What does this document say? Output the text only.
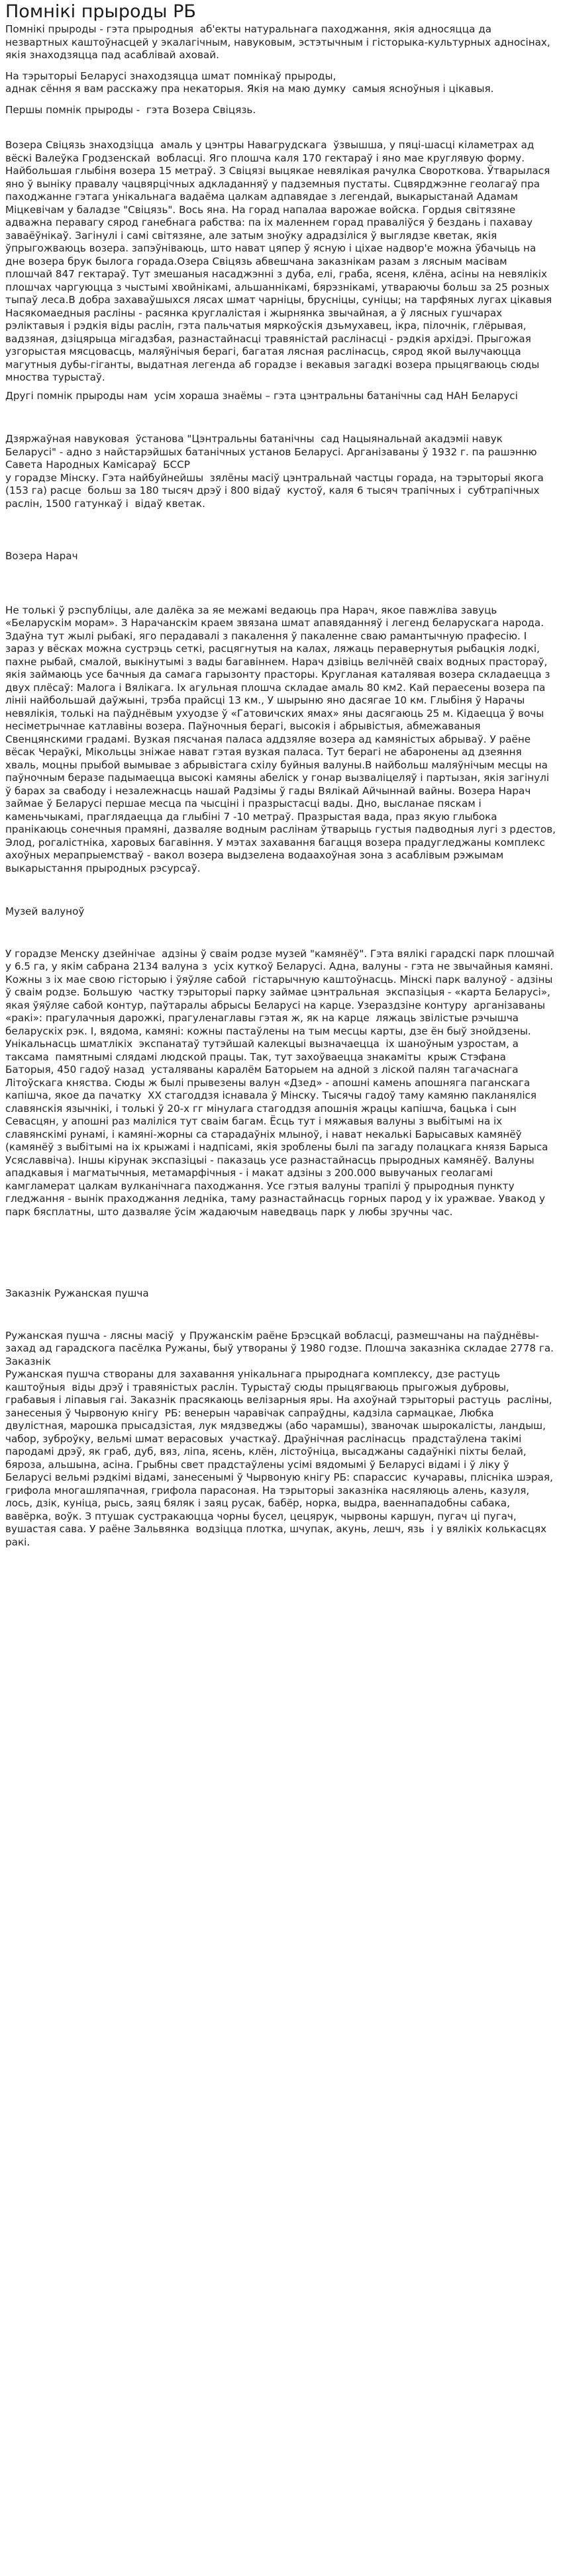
Помнікі прыроды РБ

Помнікі прыроды - гэта прыродныя  аб'екты натуральнага паходжання, якія адносяцца да незвартных каштоўнасцей у экалагічным, навуковым, эстэтычным і гісторыка-культурных адносінах, якія знаходзяцца пад асаблівай аховай.

На тэрыторыі Беларусі знаходзяцца шмат помнікаў прыроды,
аднак сёння я вам расскажу пра некаторыя. Якія на маю думку  самыя ясноўныя і цікавыя.

Першы помнік прыроды -  гэта Возера Свіцязь.

Возера Свіцязь знаходзіцца  амаль у цэнтры Навагрудскага  ўзвышша, у пяці-шасці кіламетрах ад вёскі Валеўка Гродзенскай  вобласці. Яго плошча каля 170 гектараў і яно мае круглявую форму. Найбольшая глыбіня возера 15 метраў. З Свіцязі выцякае невялікая рачулка Свороткова. Ўтварылася яно ў выніку правалу чацвярцічных адкладанняў у падземныя пустаты. Сцвярджэнне геолагаў пра паходжанне гэтага унікальнага вадаёма цалкам адпавядае з легендай, выкарыстанай Адамам Міцкевічам у баладзе "Свіцязь". Вось яна. На горад напалаа варожае войска. Гордыя свiтязяне адважна перавагу сярод ганебнага рабства: па іх маленнем горад правалiўся ў бездань і пахавау заваёўнікаў. Загінулі i самi свiтязяне, але затым зноўку адрадзілiся ў выглядзе кветак, якiя ўпрыгожваюць возера. запэўніваюць, што нават цяпер ў ясную і цiхае надвор'е можна ўбачыць на дне возера брук былога горада.Озера Свіцязь абвешчана заказнікам разам з лясным масівам плошчай 847 гектараў. Тут змешаныя насаджэнні з дуба, елі, граба, ясеня, клёна, асіны на невялікіх плошчах чаргуюцца з чыстымі хвойнікамі, альшаннікамі, бярэзнікамі, утвараючы больш за 25 розных тыпаў леса.В добра захаваўшыхся лясах шмат чарніцы, брусніцы, суніцы; на тарфяных лугах цікавыя Насякомаедныя расліны - расянка круглалістая і жырнянка звычайная, а ў лясных гушчарах рэліктавыя і рэдкія віды раслін, гэта пальчатыя мяркоўскія дзьмухавец, ікра, пілочнік, глёрывая, вадзяная, дзіцярыца мігадзбая, разнастайнасці травяністай раслінасці - рэдкія архідэі. Прыгожая узгорыстая мясцовасць, маляўнічыя берагі, багатая лясная раслінасць, сярод якой вылучаюцца магутныя дубы-гіганты, выдатная легенда аб горадзе і векавыя загадкі возера прыцягваюць сюды мноства турыстаў.

Другі помнік прыроды нам  усім хораша знаёмы – гэта цэнтральны батанічны сад НАН Беларусі

Дзяржаўная навуковая  ўстанова "Цэнтральны батанічны  сад Нацыянальнай акадэміі навук  Беларусі" - адно з найстарэйшых батанічных установ Беларусі. Арганізаваны ў 1932 г. па рашэнню Савета Народных Камісараў  БССР
у горадзе Мінску. Гэта найбуйнейшы  зялёны масіў цэнтральнай частцы горада, на тэрыторыі якога (153 га) расце  больш за 180 тысяч дрэў і 800 відаў  кустоў, каля 6 тысяч трапічных і  субтрапічных раслін, 1500 гатункаў і  відаў кветак.

Возера Нарач

Не толькі ў рэспубліцы, але далёка за яе межамі ведаюць пра Нарач, якое павжліва завуць «Беларускім морам». З Нарачанскім краем звязана шмат апавяданняў і легенд беларускага народа. Здаўна тут жылі рыбакі, яго перадавалі з пакалення ў пакаленне сваю рамантычную прафесію. І зараз у вёсках можна сустрэць сеткі, расцягнутыя на калах, ляжаць перавернутыя рыбацкія лодкі, пахне рыбай, смалой, выкінутымі з вады багавіннем. Нарач дзівіць велічнёй сваіх водных прастораў, якія займаюць усе бачныя да самага гарызонту прасторы. Кругланая каталявая возера складаецца з двух плёсаў: Малога і Вялікага. Іх агульная плошча складае амаль 80 км2. Кай пераесены возера па лініі найбольшай даўжыні, трэба прайсці 13 км., У шырыню яно дасягае 10 км. Глыбіня ў Нарачы невялікія, толькі на паўднёвым ухуодзе ў «Гатовичских ямах» яны дасягаюць 25 м. Кідаецца ў вочы несіметрычнае катлавіны возера. Паўночныя берагі, высокія і абрывістыя, абмежаваныя Свенцянскими градамі. Вузкая пясчаная паласа аддзяляе возера ад камяністых абрываў. У раёне вёсак Чераўкі, Мікольцы зніжае нават гэтая вузкая паласа. Тут берагі не абаронены ад дзеяння хваль, моцны прыбой вымывае з абрывістага схілу буйныя валуны.В найбольш маляўнічым месцы на паўночным беразе падымаецца высокі камяны абелiск у гонар вызвалiцеляў i партызан, якiя загiнулi ў барах за свабоду i незалежнасць нашай Радзімы ў гады Вялікай Айчыннай вайны. Возера Нарач займае ў Беларусі першае месца па чысціні і празрыстасці вады. Дно, высланае пяскам і каменьчыкамі, праглядаецца да глыбіні 7 -10 метраў. Празрыстая вада, праз якую глыбока пранікаюць сонечныя прамяні, дазваляе водным раслінам ўтварыць густыя падводныя лугі з рдестов, Элод, рогалістніка, харовых багавіння. У мэтах захавання багацця возера прадугледжаны комплекс ахоўных мерапрыемстваў - вакол возера выдзелена водаахоўная зона з асаблівым рэжымам выкарыстання прыродных рэсурсаў.

Музей валуноў

У горадзе Менску дзейнічае  адзіны ў сваім родзе музей "камянёў". Гэта вялікі гарадскі парк плошчай  у 6.5 га, у якім сабрана 2134 валуна з  усіх куткоў Беларусі. Адна, валуны - гэта не звычайныя камяні. Кожны з іх мае свою гісторыю і ўяўляе сабой  гістарычную каштоўнасць. Мінскі парк валуноў - адзіны ў сваім родзе. Большую  частку тэрыторыі парку займае цэнтральная  экспазіцыя - «карта Беларусі», якая ўяўляе сабой контур, паўтаралы абрысы Беларусі на карце. Узераздзіне контуру  арганізаваны «ракі»: прагулачныя дарожкі, прагуленаглавы гэтая ж, як на карце  ляжаць звілістые рэчышча беларускіх рэк. І, вядома, камяні: кожны пастаўлены на тым месцы карты, дзе ён быў знойдзены. Унікальнасць шматлікіх  экспанатаў тутэйшай калекцыі вызначаецца  іх шаноўным узростам, а таксама  памятнымі слядамі людской працы. Так, тут захоўваецца знакаміты  крыж Стэфана Баторыя, 450 гадоў назад  усталяваны каралём Баторыем на адной з ліской палян тагачаснага Літоўскага княства. Сюды ж былі прывезены валун «Дзед» - апошні камень апошняга паганскага капішча, якое да пачатку  XX стагоддзя існавала ў Мінску. Тысячы гадоў таму камяню пакланяліся славянскія язычнікі, і толькі ў 20-х гг мінулага стагоддзя апошнія жрацы капішча, бацька і сын Севасцян, у апошні раз маліліся тут сваім багам. Ёсць тут і мяжавыя валуны з выбітымі на іх славянскімі рунамі, і камяні-жорны са старадаўніх млыноў, і нават некалькі Барысавых камянёў (камянёў з выбітымі на іх крыжамі і надпісамі, якія зроблены былі па загаду полацкага князя Барыса Усяславвіча). Іншы кірунак экспазіцыі - паказаць усе разнастайнасць прыродных камянёў. Валуны ападкавыя і магматычныя, метамарфічныя - і макат адзіны з 200.000 вывучаных геолагамі камгламерат цалкам вулканічнага паходжання. Усе гэтыя валуны трапілі ў прыродныя пункту гледжання - вынік праходжання ледніка, таму разнастайнасць горных парод у іх уражвае. Увакод у парк бясплатны, што дазваляе ўсім жадаючым наведваць парк у любы зручны час.

Заказнік Ружанская пушча

Ружанская пушча - лясны масіў  у Пружанскім раёне Брэсцкай вобласці, размешчаны на паўднёвы-захад ад гарадскога пасёлка Ружаны, быў утвораны ў 1980 годзе. Плошча заказніка складае 2778 га. Заказнік
Ружанская пушча створаны для захавання унікальнага прыроднага комплексу, дзе растуць каштоўныя  віды дрэў і травяністых раслін. Турыстаў сюды прыцягваюць прыгожыя дубровы, грабавыя і ліпавыя гаі. Заказнік прасякаюць велізарныя яры. На ахоўнай тэрыторыі растуць  расліны, занесеныя ў Чырвоную кнігу  РБ: венерын чаравічак сапраўдны, кадзіла сармацкае, Любка двулістная, марошка прысадзістая, лук мядзведжы (або чарамшы), званочак шырокалісты, ландыш, чабор, зуброўку, вельмі шмат верасовых  участкаў. Драўнічная раслінасць  прадстаўлена такімі пародамі дрэў, як граб, дуб, вяз, ліпа, ясень, клён, лістоўніца, высаджаны садаўнікі піхты белай, бяроза, альшына, асіна. Грыбны свет прадстаўлены усімі вядомымі ў Беларусі відамі і ў ліку ў Беларусі вельмі рэдкімі відамі, занесенымі ў Чырвоную кнігу РБ: спарассис  кучаравы, плісніка шэрая, грифола многашляпачная, грифола парасоная. На тэрыторыі заказніка насяляюць алень, казуля, лось, дзік, куніца, рысь, заяц бяляк і заяц русак, бабёр, норка, выдра, ваеннападобны сабака, вавёрка, воўк. З птушак сустракаюцца чорны бусел, цецярук, чырвоны каршун, пугач ці пугач, вушастая сава. У раёне Зальвянка  водзіцца плотка, шчупак, акунь, лешч, язь  і у вялікіх колькасцях ракі.
